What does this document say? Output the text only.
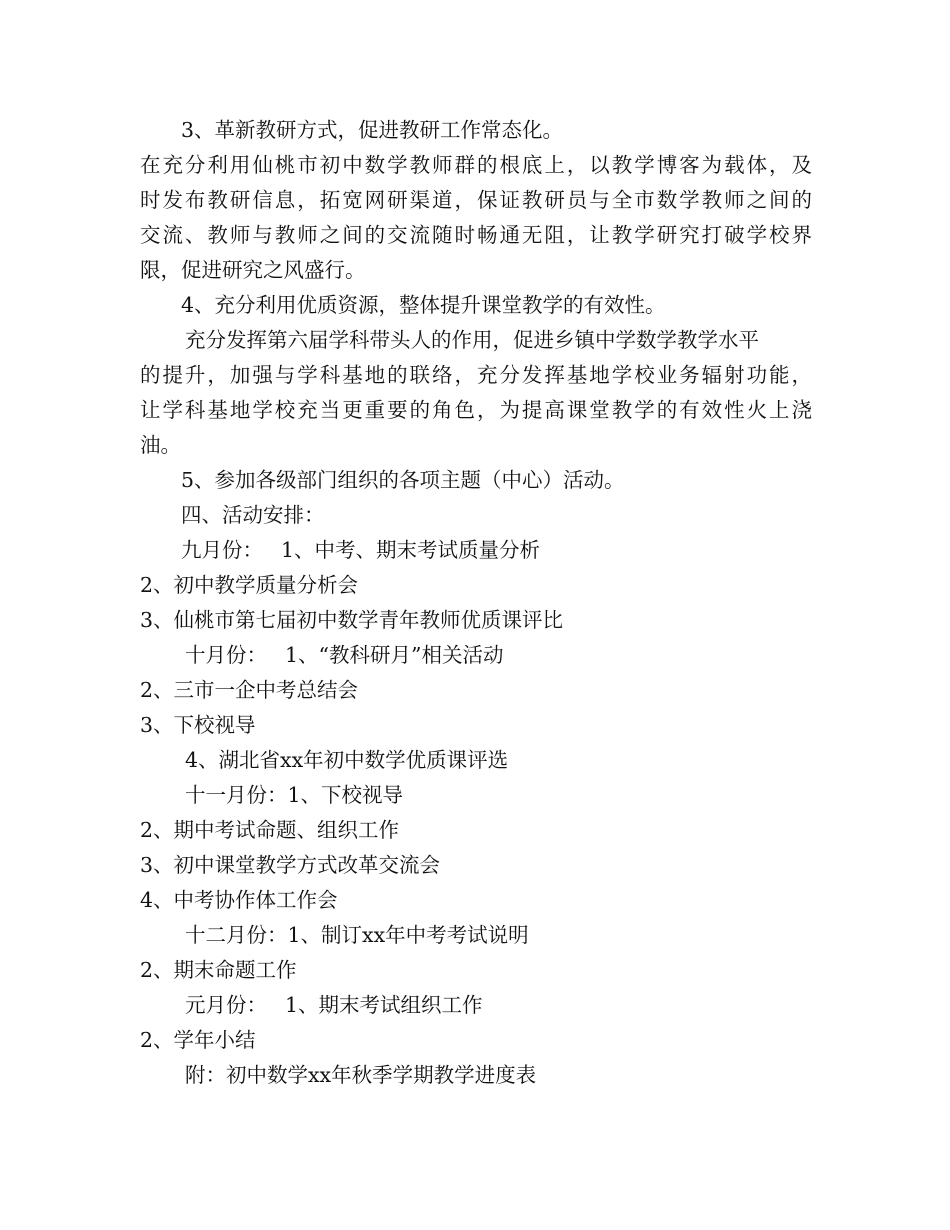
3、革新教研方式，促进教研工作常态化。
在充分利用仙桃市初中数学教师群的根底上，以教学博客为载体，及
时发布教研信息，拓宽网研渠道，保证教研员与全市数学教师之间的
交流、教师与教师之间的交流随时畅通无阻，让教学研究打破学校界
限，促进研究之风盛行。
4、充分利用优质资源，整体提升课堂教学的有效性。
充分发挥第六届学科带头人的作用，促进乡镇中学数学教学水平
的提升，加强与学科基地的联络，充分发挥基地学校业务辐射功能，
让学科基地学校充当更重要的角色，为提高课堂教学的有效性火上浇
油。
5、参加各级部门组织的各项主题（中心）活动。
四、活动安排：
九月份： 1、中考、期末考试质量分析
2、初中教学质量分析会
3、仙桃市第七届初中数学青年教师优质课评比
十月份： 1、“教科研月”相关活动
2、三市一企中考总结会
3、下校视导
4、湖北省xx年初中数学优质课评选
十一月份：1、下校视导
2、期中考试命题、组织工作
3、初中课堂教学方式改革交流会
4、中考协作体工作会
十二月份：1、制订xx年中考考试说明
2、期末命题工作
元月份： 1、期末考试组织工作
2、学年小结
附：初中数学xx年秋季学期教学进度表
